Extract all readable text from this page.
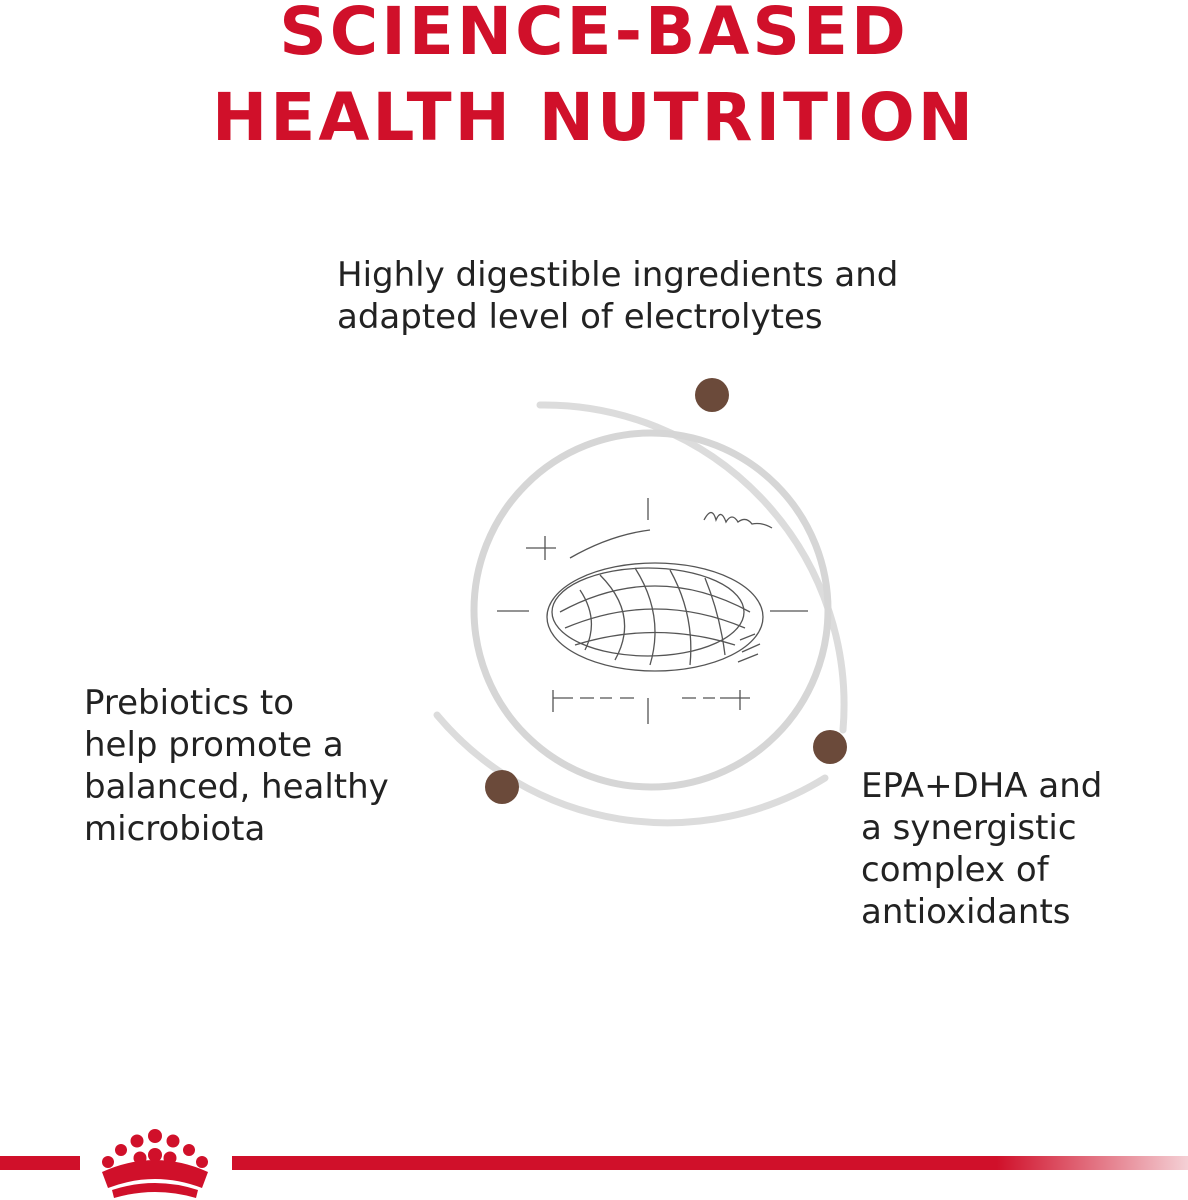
SCIENCE-BASED
HEALTH NUTRITION

Highly digestible ingredients and
adapted level of electrolytes

Prebiotics to
help promote a
balanced, healthy
microbiota

EPA+DHA and
a synergistic
complex of
antioxidants
